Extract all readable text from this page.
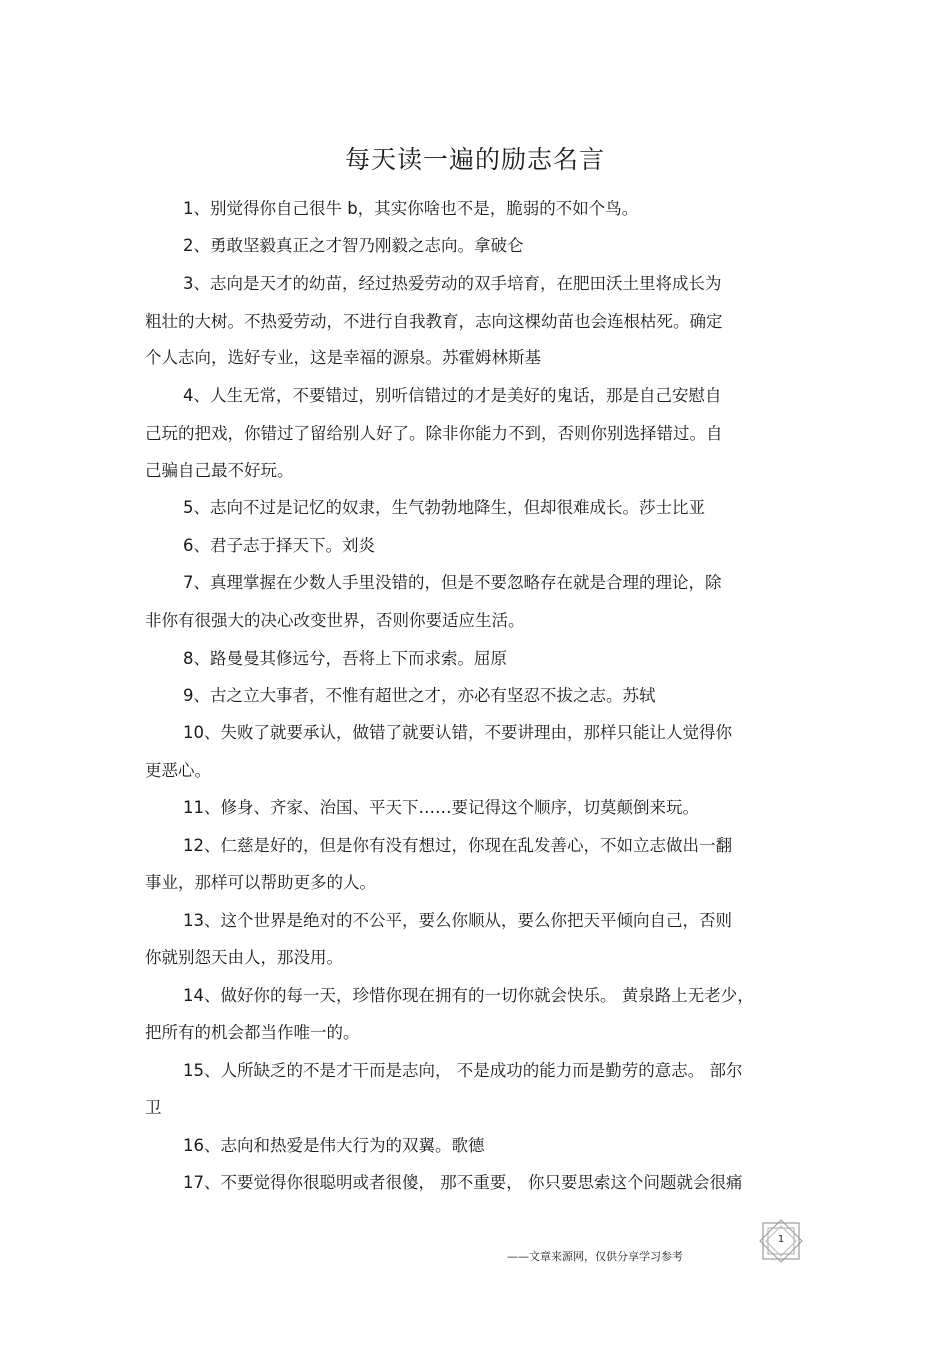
每天读一遍的励志名言
1、别觉得你自己很牛 b，其实你啥也不是，脆弱的不如个鸟。
2、勇敢坚毅真正之才智乃刚毅之志向。拿破仑
3、志向是天才的幼苗，经过热爱劳动的双手培育，在肥田沃土里将成长为
粗壮的大树。不热爱劳动，不进行自我教育，志向这棵幼苗也会连根枯死。确定
个人志向，选好专业，这是幸福的源泉。苏霍姆林斯基
4、人生无常，不要错过，别听信错过的才是美好的鬼话，那是自己安慰自
己玩的把戏，你错过了留给别人好了。除非你能力不到，否则你别选择错过。自
己骗自己最不好玩。
5、志向不过是记忆的奴隶，生气勃勃地降生，但却很难成长。莎士比亚
6、君子志于择天下。刘炎
7、真理掌握在少数人手里没错的，但是不要忽略存在就是合理的理论，除
非你有很强大的决心改变世界，否则你要适应生活。
8、路曼曼其修远兮，吾将上下而求索。屈原
9、古之立大事者，不惟有超世之才，亦必有坚忍不拔之志。苏轼
10、失败了就要承认，做错了就要认错，不要讲理由，那样只能让人觉得你
更恶心。
11、修身、齐家、治国、平天下……要记得这个顺序，切莫颠倒来玩。
12、仁慈是好的，但是你有没有想过，你现在乱发善心，不如立志做出一翻
事业，那样可以帮助更多的人。
13、这个世界是绝对的不公平，要么你顺从，要么你把天平倾向自己，否则
你就别怨天由人，那没用。
14、做好你的每一天，珍惜你现在拥有的一切你就会快乐。 黄泉路上无老少，
把所有的机会都当作唯一的。
15、人所缺乏的不是才干而是志向， 不是成功的能力而是勤劳的意志。 部尔
卫
16、志向和热爱是伟大行为的双翼。歌德
17、不要觉得你很聪明或者很傻， 那不重要， 你只要思索这个问题就会很痛
——文章来源网，仅供分享学习参考
1
